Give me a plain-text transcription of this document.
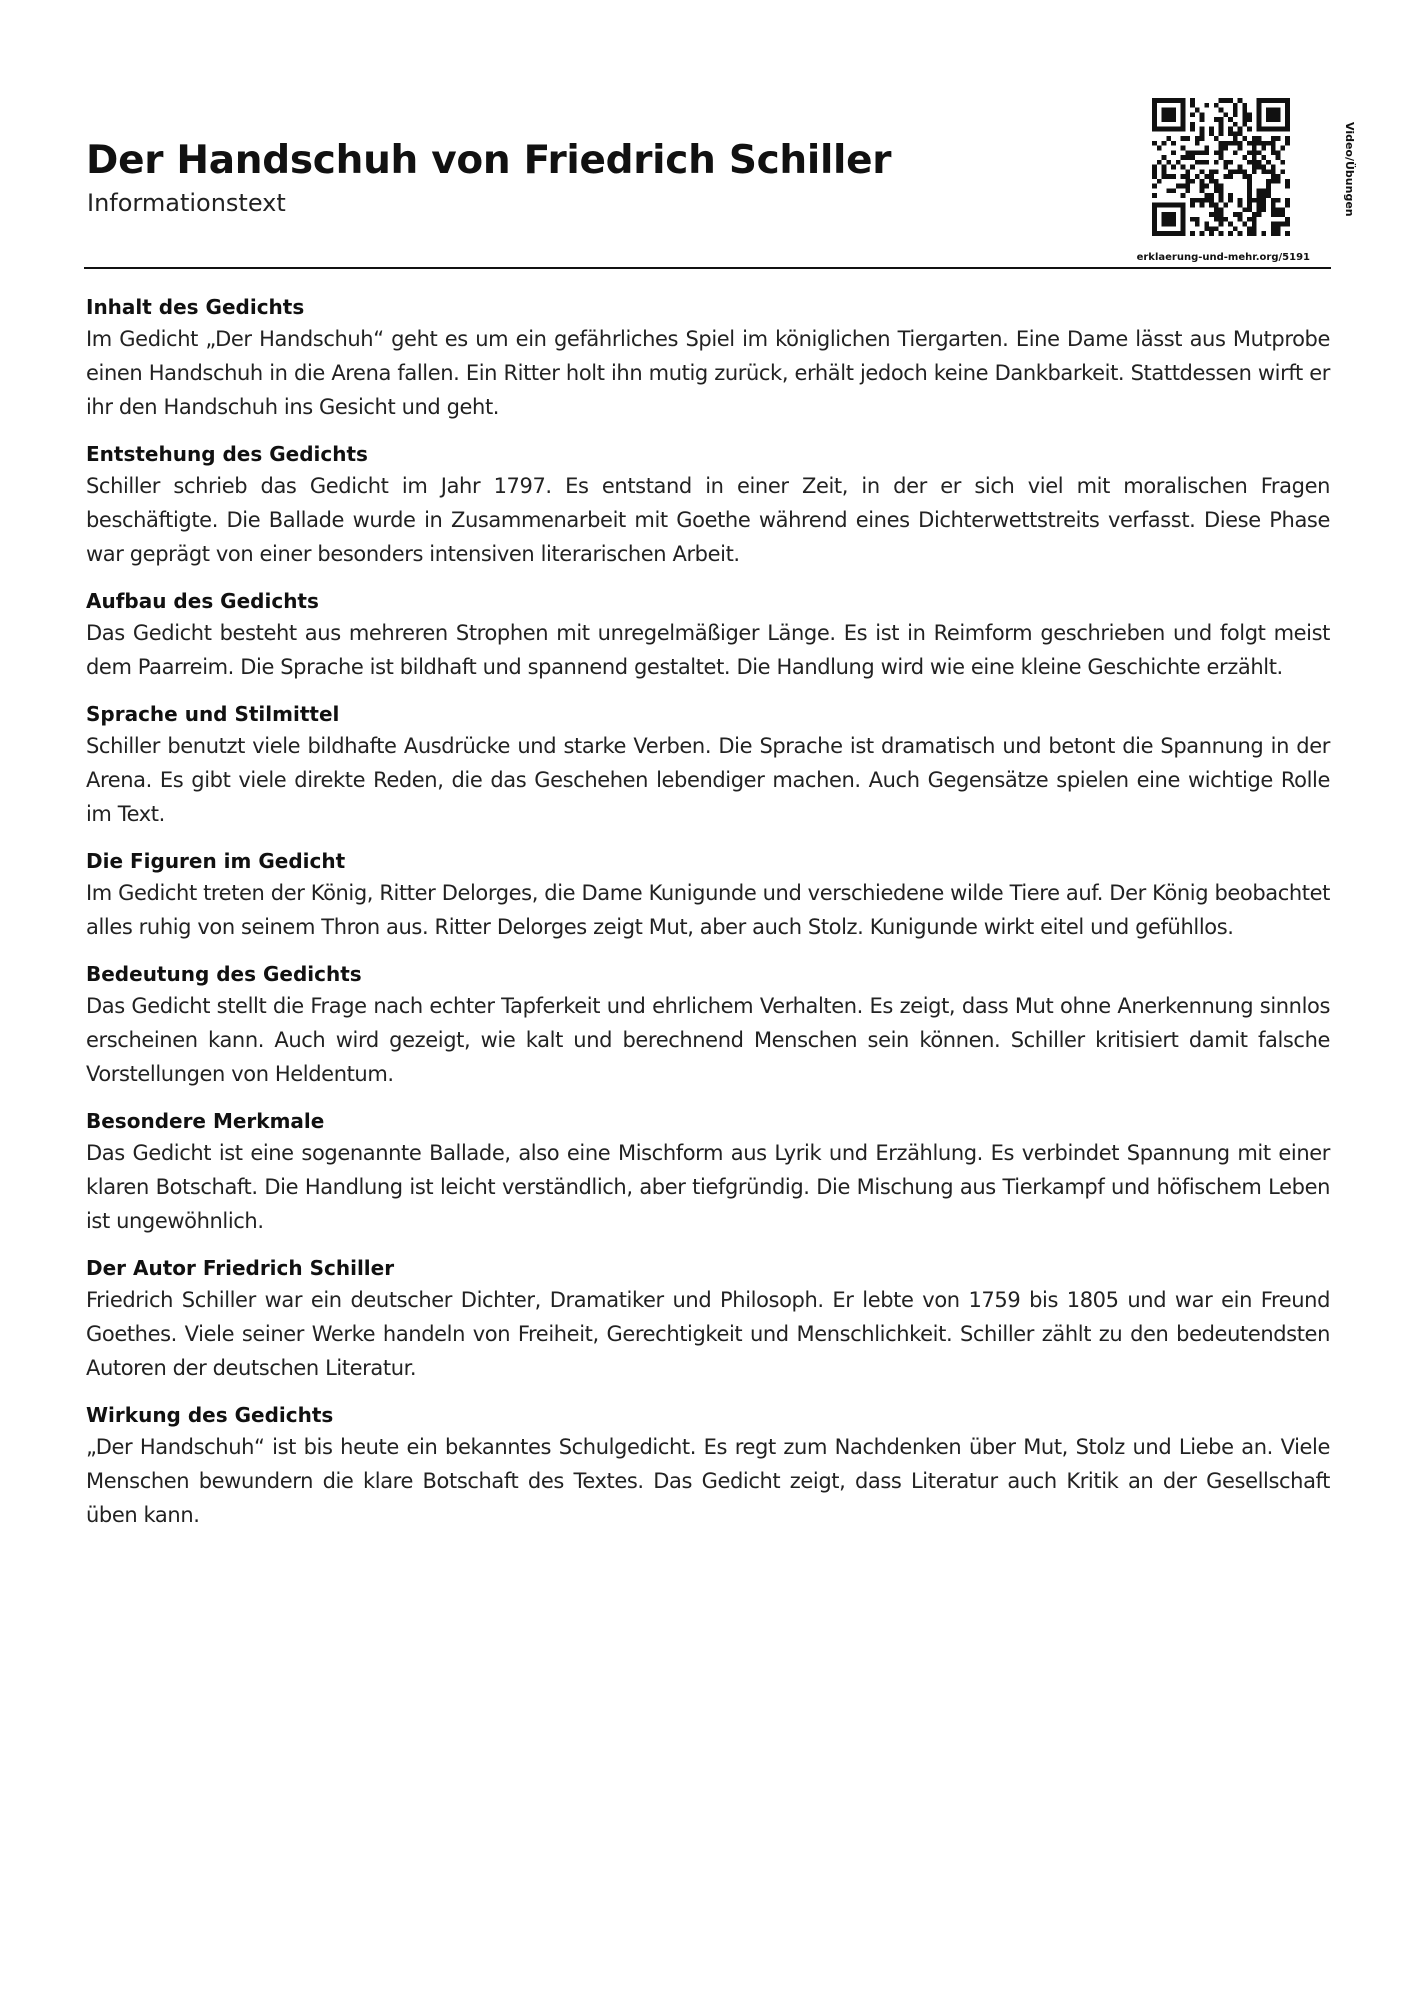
Der Handschuh von Friedrich Schiller
Informationstext	Video/Übungen
erklaerung-und-mehr.org/5191
Inhalt des Gedichts
Im Gedicht „Der Handschuh“ geht es um ein gefährliches Spiel im königlichen Tiergarten. Eine Dame lässt aus Mutprobe einen Handschuh in die Arena fallen. Ein Ritter holt ihn mutig zurück, erhält jedoch keine Dankbarkeit. Stattdessen wirft er ihr den Handschuh ins Gesicht und geht.
Entstehung des Gedichts
Schiller schrieb das Gedicht im Jahr 1797. Es entstand in einer Zeit, in der er sich viel mit moralischen Fragen beschäftigte. Die Ballade wurde in Zusammenarbeit mit Goethe während eines Dichterwettstreits verfasst. Diese Phase war geprägt von einer besonders intensiven literarischen Arbeit.
Aufbau des Gedichts
Das Gedicht besteht aus mehreren Strophen mit unregelmäßiger Länge. Es ist in Reimform geschrieben und folgt meist dem Paarreim. Die Sprache ist bildhaft und spannend gestaltet. Die Handlung wird wie eine kleine Geschichte erzählt.
Sprache und Stilmittel
Schiller benutzt viele bildhafte Ausdrücke und starke Verben. Die Sprache ist dramatisch und betont die Spannung in der Arena. Es gibt viele direkte Reden, die das Geschehen lebendiger machen. Auch Gegensätze spielen eine wichtige Rolle im Text.
Die Figuren im Gedicht
Im Gedicht treten der König, Ritter Delorges, die Dame Kunigunde und verschiedene wilde Tiere auf. Der König beobachtet alles ruhig von seinem Thron aus. Ritter Delorges zeigt Mut, aber auch Stolz. Kunigunde wirkt eitel und gefühllos.
Bedeutung des Gedichts
Das Gedicht stellt die Frage nach echter Tapferkeit und ehrlichem Verhalten. Es zeigt, dass Mut ohne Anerkennung sinnlos erscheinen kann. Auch wird gezeigt, wie kalt und berechnend Menschen sein können. Schiller kritisiert damit falsche Vorstellungen von Heldentum.
Besondere Merkmale
Das Gedicht ist eine sogenannte Ballade, also eine Mischform aus Lyrik und Erzählung. Es verbindet Spannung mit einer klaren Botschaft. Die Handlung ist leicht verständlich, aber tiefgründig. Die Mischung aus Tierkampf und höfischem Leben ist ungewöhnlich.
Der Autor Friedrich Schiller
Friedrich Schiller war ein deutscher Dichter, Dramatiker und Philosoph. Er lebte von 1759 bis 1805 und war ein Freund Goethes. Viele seiner Werke handeln von Freiheit, Gerechtigkeit und Menschlichkeit. Schiller zählt zu den bedeutendsten Autoren der deutschen Literatur.
Wirkung des Gedichts
„Der Handschuh“ ist bis heute ein bekanntes Schulgedicht. Es regt zum Nachdenken über Mut, Stolz und Liebe an. Viele Menschen bewundern die klare Botschaft des Textes. Das Gedicht zeigt, dass Literatur auch Kritik an der Gesellschaft üben kann.
